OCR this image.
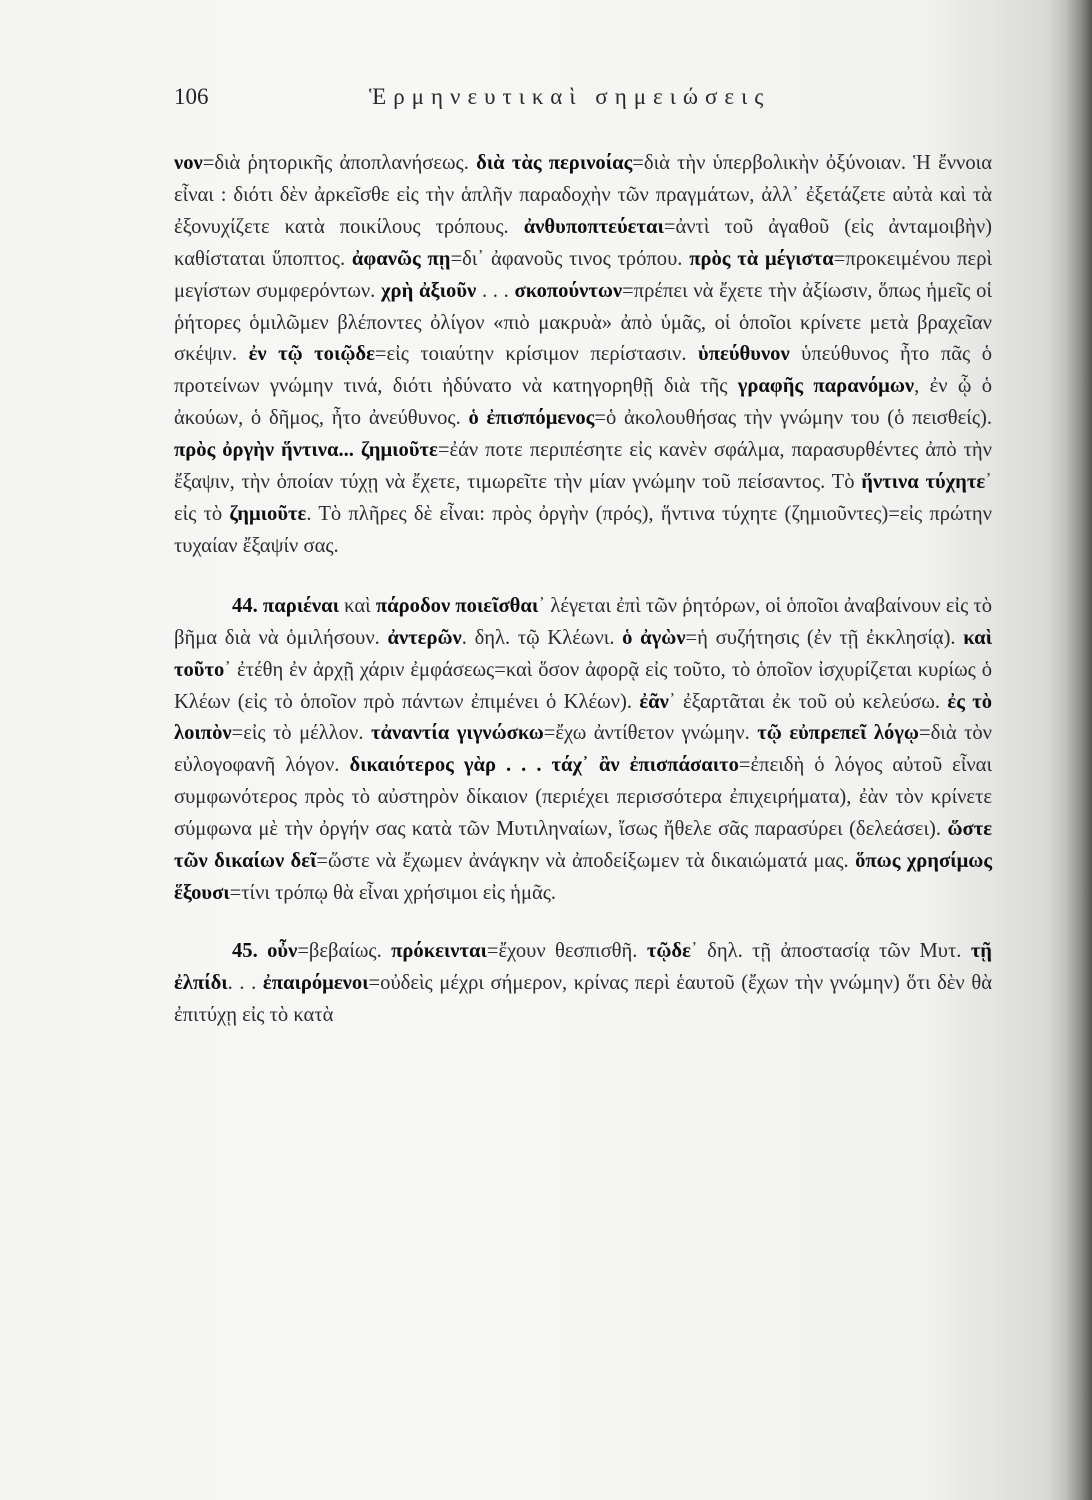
106	Ἑρμηνευτικαὶ σημειώσεις

νον=διὰ ῥητορικῆς ἀποπλανήσεως. διὰ τὰς περινοίας=διὰ τὴν ὑπερβολικὴν ὀξύνοιαν. Ἡ ἔννοια εἶναι : διότι δὲν ἀρκεῖσθε εἰς τὴν ἁπλῆν παραδοχὴν τῶν πραγμάτων, ἀλλ᾽ ἐξετάζετε αὐτὰ καὶ τὰ ἐξονυχίζετε κατὰ ποικίλους τρόπους. ἀνθυποπτεύεται=ἀντὶ τοῦ ἀγαθοῦ (εἰς ἀνταμοιβὴν) καθίσταται ὕποπτος. ἀφανῶς πῃ=δι᾽ ἀφανοῦς τινος τρόπου. πρὸς τὰ μέγιστα=προκειμένου περὶ μεγίστων συμφερόντων. χρὴ ἀξιοῦν . . . σκοπούντων=πρέπει νὰ ἔχετε τὴν ἀξίωσιν, ὅπως ἡμεῖς οἱ ῥήτορες ὁμιλῶμεν βλέποντες ὀλίγον «πιὸ μακρυὰ» ἀπὸ ὑμᾶς, οἱ ὁποῖοι κρίνετε μετὰ βραχεῖαν σκέψιν. ἐν τῷ τοιῷδε=εἰς τοιαύτην κρίσιμον περίστασιν. ὑπεύθυνον ὑπεύθυνος ἦτο πᾶς ὁ προτείνων γνώμην τινά, διότι ἠδύνατο νὰ κατηγορηθῇ διὰ τῆς γραφῆς παρανόμων, ἐν ᾧ ὁ ἀκούων, ὁ δῆμος, ἦτο ἀνεύθυνος. ὁ ἐπισπόμενος=ὁ ἀκολουθήσας τὴν γνώμην του (ὁ πεισθείς). πρὸς ὀργὴν ἥντινα... ζημιοῦτε=ἐάν ποτε περιπέσητε εἰς κανὲν σφάλμα, παρασυρθέντες ἀπὸ τὴν ἔξαψιν, τὴν ὁποίαν τύχῃ νὰ ἔχετε, τιμωρεῖτε τὴν μίαν γνώμην τοῦ πείσαντος. Τὸ ἥντινα τύχητε᾽ εἰς τὸ ζημιοῦτε. Τὸ πλῆρες δὲ εἶναι: πρὸς ὀργὴν (πρός), ἥντινα τύχητε (ζημιοῦντες)=εἰς πρώτην τυχαίαν ἔξαψίν σας.

44. παριέναι καὶ πάροδον ποιεῖσθαι᾽ λέγεται ἐπὶ τῶν ῥητόρων, οἱ ὁποῖοι ἀναβαίνουν εἰς τὸ βῆμα διὰ νὰ ὁμιλήσουν. ἀντερῶν. δηλ. τῷ Κλέωνι. ὁ ἀγὼν=ἡ συζήτησις (ἐν τῇ ἐκκλησίᾳ). καὶ τοῦτο᾽ ἐτέθη ἐν ἀρχῇ χάριν ἐμφάσεως=καὶ ὅσον ἀφορᾷ εἰς τοῦτο, τὸ ὁποῖον ἰσχυρίζεται κυρίως ὁ Κλέων (εἰς τὸ ὁποῖον πρὸ πάντων ἐπιμένει ὁ Κλέων). ἐᾶν᾽ ἐξαρτᾶται ἐκ τοῦ οὐ κελεύσω. ἐς τὸ λοιπὸν=εἰς τὸ μέλλον. τἀναντία γιγνώσκω=ἔχω ἀντίθετον γνώμην. τῷ εὐπρεπεῖ λόγῳ=διὰ τὸν εὐλογοφανῆ λόγον. δικαιότερος γὰρ . . . τάχ᾽ ἂν ἐπισπάσαιτο=ἐπειδὴ ὁ λόγος αὐτοῦ εἶναι συμφωνότερος πρὸς τὸ αὐστηρὸν δίκαιον (περιέχει περισσότερα ἐπιχειρήματα), ἐὰν τὸν κρίνετε σύμφωνα μὲ τὴν ὀργήν σας κατὰ τῶν Μυτιληναίων, ἴσως ἤθελε σᾶς παρασύρει (δελεάσει). ὥστε τῶν δικαίων δεῖ=ὥστε νὰ ἔχωμεν ἀνάγκην νὰ ἀποδείξωμεν τὰ δικαιώματά μας. ὅπως χρησίμως ἕξουσι=τίνι τρόπῳ θὰ εἶναι χρήσιμοι εἰς ἡμᾶς.

45. οὖν=βεβαίως. πρόκεινται=ἔχουν θεσπισθῆ. τῷδε᾽ δηλ. τῇ ἀποστασίᾳ τῶν Μυτ. τῇ ἐλπίδι. . . ἐπαιρόμενοι=οὐδεὶς μέχρι σήμερον, κρίνας περὶ ἑαυτοῦ (ἔχων τὴν γνώμην) ὅτι δὲν θὰ ἐπιτύχῃ εἰς τὸ κατὰ
